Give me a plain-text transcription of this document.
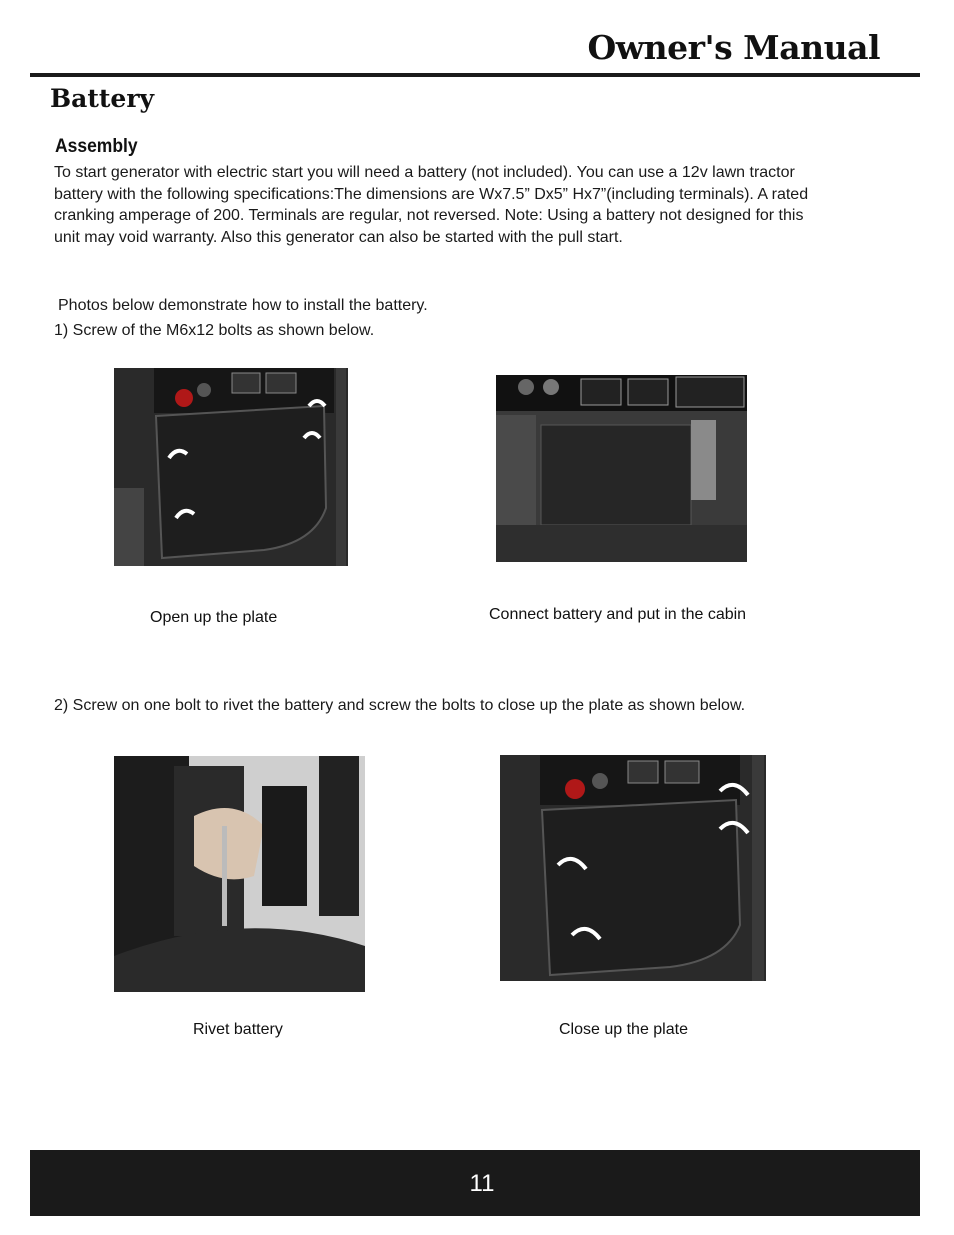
Owner's Manual
Battery
Assembly
To start generator with electric start you will need a battery (not included). You can use a 12v lawn tractor battery with the following specifications:The dimensions are Wx7.5” Dx5” Hx7”(including terminals). A rated cranking amperage of 200. Terminals are regular, not reversed. Note: Using a battery not designed for this unit may void warranty. Also this generator can also be started with the pull start.
Photos below demonstrate how to install the battery.
1) Screw of the M6x12 bolts as shown below.
Open up the plate	Connect battery and put in the cabin
2) Screw on one bolt to rivet the battery and screw the bolts to close up the plate as shown below.
Rivet battery	Close up the plate
11
